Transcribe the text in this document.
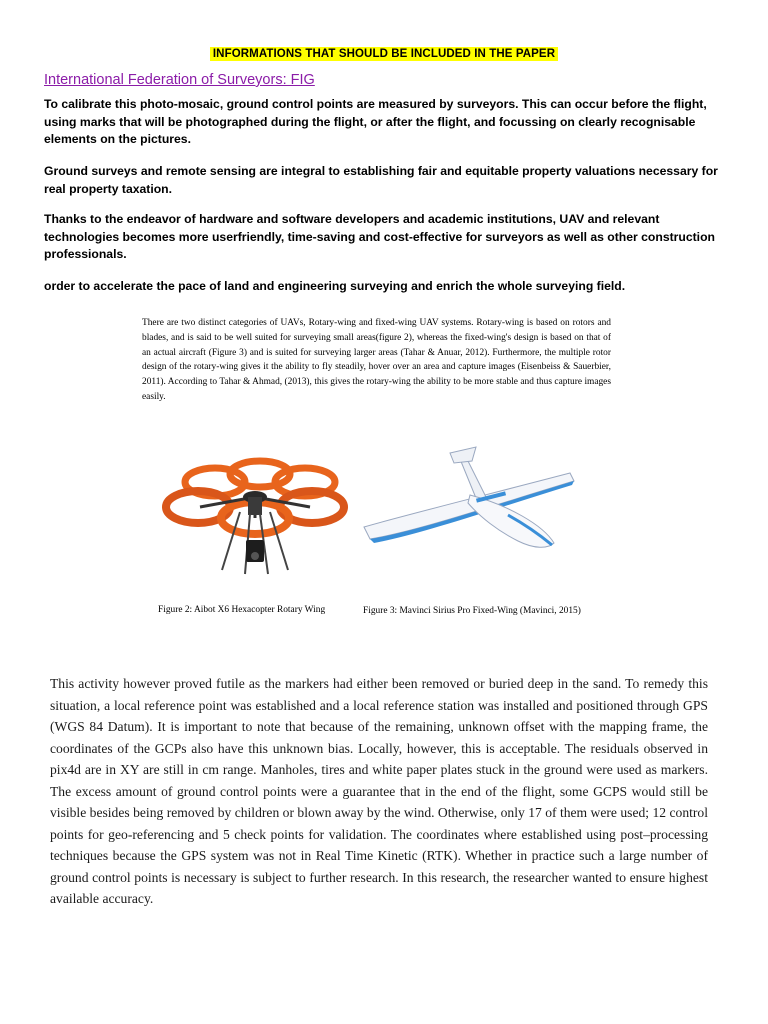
INFORMATIONS THAT SHOULD BE INCLUDED IN THE PAPER
International Federation of Surveyors: FIG

To calibrate this photo-mosaic, ground control points are measured by surveyors. This can occur before the flight, using marks that will be photographed during the flight, or after the flight, and focussing on clearly recognisable elements on the pictures.

Ground surveys and remote sensing are integral to establishing fair and equitable property valuations necessary for real property taxation.

Thanks to the endeavor of hardware and software developers and academic institutions, UAV and relevant technologies becomes more userfriendly, time-saving and cost-effective for surveyors as well as other construction professionals.

order to accelerate the pace of land and engineering surveying and enrich the whole surveying field.

There are two distinct categories of UAVs, Rotary-wing and fixed-wing UAV systems. Rotary-wing is based on rotors and blades, and is said to be well suited for surveying small areas(figure 2), whereas the fixed-wing's design is based on that of an actual aircraft (Figure 3) and is suited for surveying larger areas (Tahar & Anuar, 2012). Furthermore, the multiple rotor design of the rotary-wing gives it the ability to fly steadily, hover over an area and capture images (Eisenbeiss & Sauerbier, 2011). According to Tahar & Ahmad, (2013), this gives the rotary-wing the ability to be more stable and thus capture images easily.

Figure 2: Aibot X6 Hexacopter Rotary Wing	Figure 3: Mavinci Sirius Pro Fixed-Wing (Mavinci, 2015)

This activity however proved futile as the markers had either been removed or buried deep in the sand. To remedy this situation, a local reference point was established and a local reference station was installed and positioned through GPS (WGS 84 Datum). It is important to note that because of the remaining, unknown offset with the mapping frame, the coordinates of the GCPs also have this unknown bias. Locally, however, this is acceptable. The residuals observed in pix4d are in XY are still in cm range. Manholes, tires and white paper plates stuck in the ground were used as markers. The excess amount of ground control points were a guarantee that in the end of the flight, some GCPS would still be visible besides being removed by children or blown away by the wind. Otherwise, only 17 of them were used; 12 control points for geo-referencing and 5 check points for validation. The coordinates where established using post–processing techniques because the GPS system was not in Real Time Kinetic (RTK). Whether in practice such a large number of ground control points is necessary is subject to further research. In this research, the researcher wanted to ensure highest available accuracy.
